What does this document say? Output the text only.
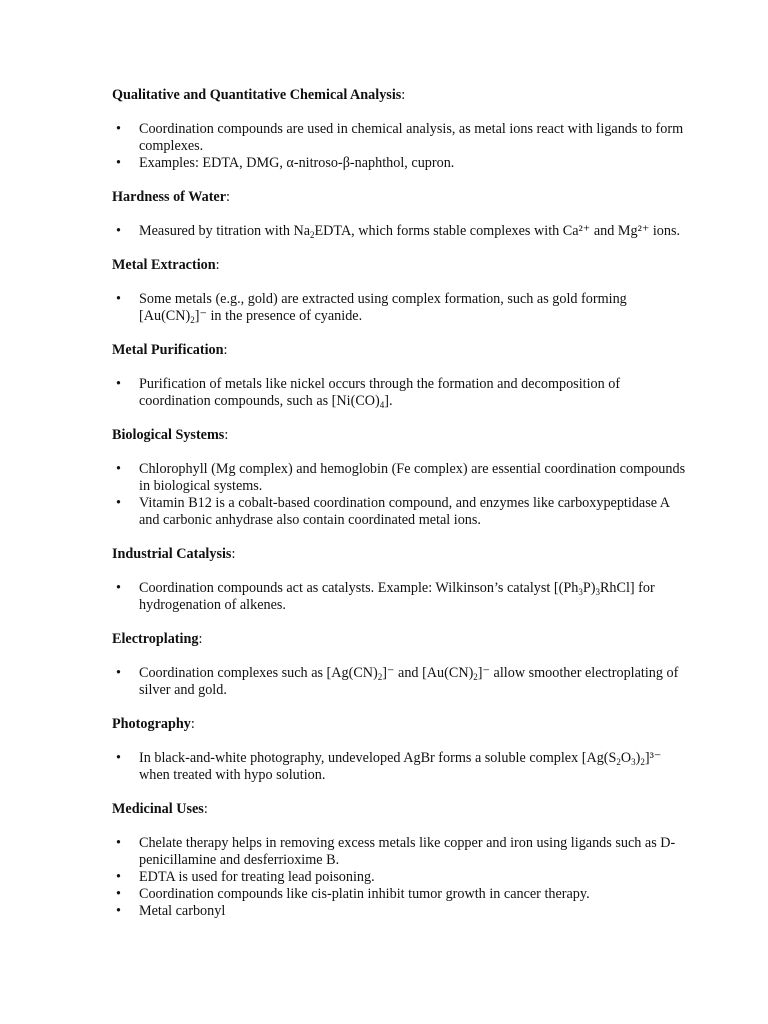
Qualitative and Quantitative Chemical Analysis:

• Coordination compounds are used in chemical analysis, as metal ions react with ligands to form complexes.
• Examples: EDTA, DMG, α-nitroso-β-naphthol, cupron.

Hardness of Water:

• Measured by titration with $Na_2EDTA$, which forms stable complexes with Ca²⁺ and Mg²⁺ ions.

Metal Extraction:

• Some metals (e.g., gold) are extracted using complex formation, such as gold forming $[Au(CN)_2]^-$ in the presence of cyanide.

Metal Purification:

• Purification of metals like nickel occurs through the formation and decomposition of coordination compounds, such as $[Ni(CO)_4]$.

Biological Systems:

• Chlorophyll (Mg complex) and hemoglobin (Fe complex) are essential coordination compounds in biological systems.
• Vitamin B12 is a cobalt-based coordination compound, and enzymes like carboxypeptidase A and carbonic anhydrase also contain coordinated metal ions.

Industrial Catalysis:

• Coordination compounds act as catalysts. Example: Wilkinson’s catalyst $[(Ph_3P)_3RhCl]$ for hydrogenation of alkenes.

Electroplating:

• Coordination complexes such as $[Ag(CN)_2]^-$ and $[Au(CN)_2]^-$ allow smoother electroplating of silver and gold.

Photography:

• In black-and-white photography, undeveloped AgBr forms a soluble complex $[Ag(S_2O_3)_2]^{3-}$ when treated with hypo solution.

Medicinal Uses:

• Chelate therapy helps in removing excess metals like copper and iron using ligands such as D-penicillamine and desferrioxime B.
• EDTA is used for treating lead poisoning.
• Coordination compounds like cis-platin inhibit tumor growth in cancer therapy.
• Metal carbonyl
